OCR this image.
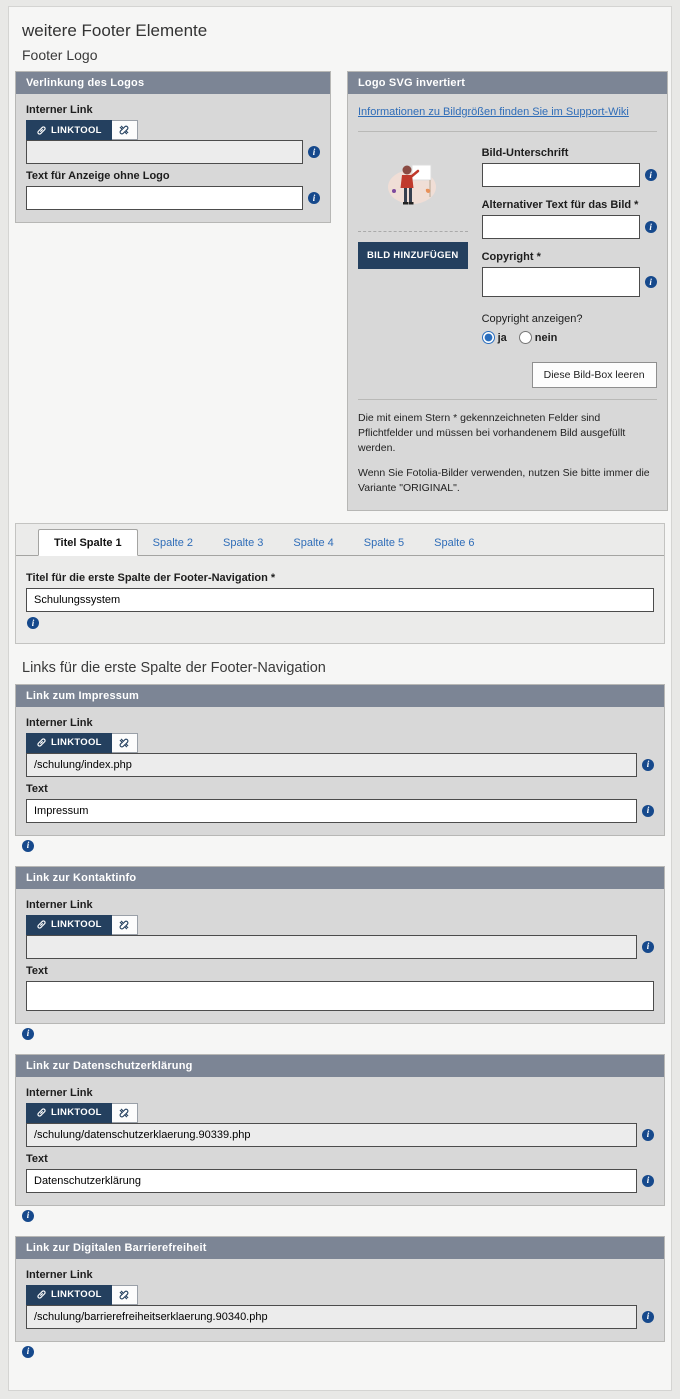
weitere Footer Elemente
Footer Logo
Verlinkung des Logos
Interner Link
LINKTOOL
i
Text für Anzeige ohne Logo
i
Logo SVG invertiert
Informationen zu Bildgrößen finden Sie im Support-Wiki
BILD HINZUFÜGEN
Bild-Unterschrift
i
Alternativer Text für das Bild *
i
Copyright *
i
Copyright anzeigen?
ja	nein
Diese Bild-Box leeren

Die mit einem Stern * gekennzeichneten Felder sind Pflichtfelder und müssen bei vorhandenem Bild ausgefüllt werden.

Wenn Sie Fotolia-Bilder verwenden, nutzen Sie bitte immer die Variante "ORIGINAL".

Titel Spalte 1	Spalte 2	Spalte 3	Spalte 4	Spalte 5	Spalte 6
Titel für die erste Spalte der Footer-Navigation *
Schulungssystem
i
Links für die erste Spalte der Footer-Navigation
Link zum Impressum
Interner Link
LINKTOOL
/schulung/index.php
i
Text
Impressum
i
i
Link zur Kontaktinfo
Interner Link
LINKTOOL
i
Text
i
Link zur Datenschutzerklärung
Interner Link
LINKTOOL
/schulung/datenschutzerklaerung.90339.php
i
Text
Datenschutzerklärung
i
i
Link zur Digitalen Barrierefreiheit
Interner Link
LINKTOOL
/schulung/barrierefreiheitserklaerung.90340.php
i
i
